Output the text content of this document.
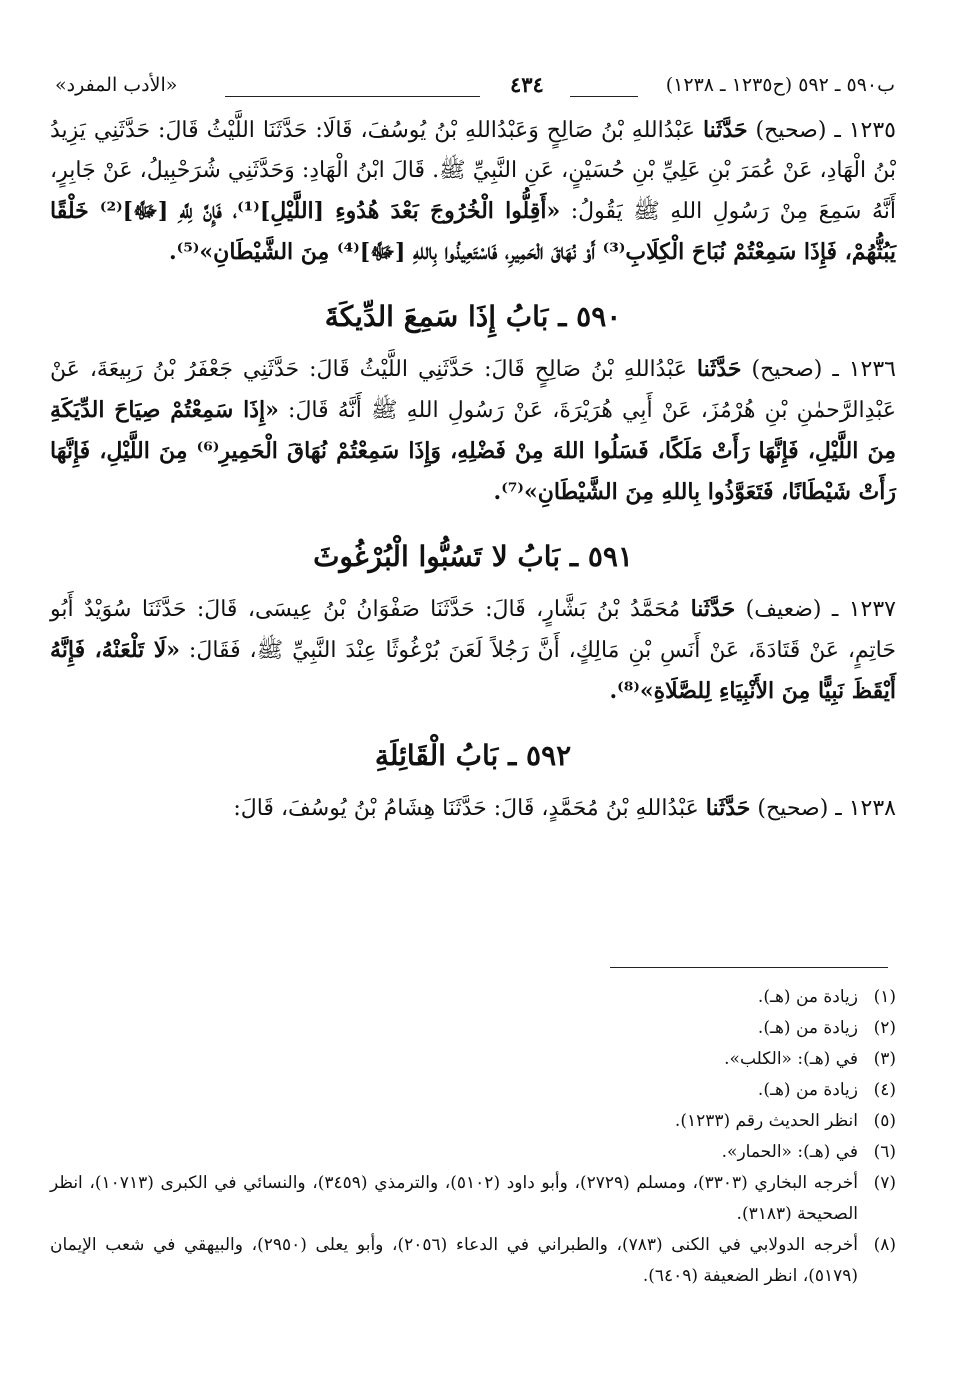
ب٥٩٠ ـ ٥٩٢ (ح١٢٣٥ ـ ١٢٣٨)
٤٣٤
«الأدب المفرد»

١٢٣٥ ـ (صحيح) حَدَّثَنا عَبْدُاللهِ بْنُ صَالِحٍ وَعَبْدُاللهِ بْنُ يُوسُفَ، قَالَا: حَدَّثَنَا اللَّيْثُ قَالَ: حَدَّثَنِي يَزِيدُ بْنُ الْهَادِ، عَنْ عُمَرَ بْنِ عَلِيِّ بْنِ حُسَيْنٍ، عَنِ النَّبِيِّ ﷺ. قَالَ ابْنُ الْهَادِ: وَحَدَّثَنِي شُرَحْبِيلُ، عَنْ جَابِرٍ، أَنَّهُ سَمِعَ مِنْ رَسُولِ اللهِ ﷺ يَقُولُ: «أَقِلُّوا الْخُرُوجَ بَعْدَ هُدُوءِ [اللَّيْلِ]⁽¹⁾، فَإِنَّ لِلَّهِ [ﷻ]⁽²⁾ خَلْقًا يَبُثُّهُمْ، فَإِذَا سَمِعْتُمْ نُبَاحَ الْكِلَابِ⁽³⁾ أَوْ نُهَاقَ الْحَمِيرِ، فَاسْتَعِيذُوا بِاللهِ [ﷻ]⁽⁴⁾ مِنَ الشَّيْطَانِ»⁽⁵⁾.

٥٩٠ ـ بَابُ إِذَا سَمِعَ الدِّيكَةَ

١٢٣٦ ـ (صحيح) حَدَّثَنا عَبْدُاللهِ بْنُ صَالِحٍ قَالَ: حَدَّثَنِي اللَّيْثُ قَالَ: حَدَّثَنِي جَعْفَرُ بْنُ رَبِيعَةَ، عَنْ عَبْدِالرَّحمٰنِ بْنِ هُرْمُزَ، عَنْ أَبِي هُرَيْرَةَ، عَنْ رَسُولِ اللهِ ﷺ أَنَّهُ قَالَ: «إِذَا سَمِعْتُمْ صِيَاحَ الدِّيَكَةِ مِنَ اللَّيْلِ، فَإِنَّهَا رَأَتْ مَلَكًا، فَسَلُوا اللهَ مِنْ فَضْلِهِ، وَإِذَا سَمِعْتُمْ نُهَاقَ الْحَمِيرِ⁽⁶⁾ مِنَ اللَّيْلِ، فَإِنَّهَا رَأَتْ شَيْطَانًا، فَتَعَوَّذُوا بِاللهِ مِنَ الشَّيْطَانِ»⁽⁷⁾.

٥٩١ ـ بَابُ لا تَسُبُّوا الْبُرْغُوثَ

١٢٣٧ ـ (ضعيف) حَدَّثَنا مُحَمَّدُ بْنُ بَشَّارٍ، قَالَ: حَدَّثَنَا صَفْوَانُ بْنُ عِيسَى، قَالَ: حَدَّثَنَا سُوَيْدٌ أَبُو حَاتِمٍ، عَنْ قَتَادَةَ، عَنْ أَنَسِ بْنِ مَالِكٍ، أَنَّ رَجُلاً لَعَنَ بُرْغُوثًا عِنْدَ النَّبِيِّ ﷺ، فَقَالَ: «لَا تَلْعَنْهُ، فَإِنَّهُ أَيْقَظَ نَبِيًّا مِنَ الأَنْبِيَاءِ لِلصَّلَاةِ»⁽⁸⁾.

٥٩٢ ـ بَابُ الْقَائِلَةِ

١٢٣٨ ـ (صحيح) حَدَّثَنا عَبْدُاللهِ بْنُ مُحَمَّدٍ، قَالَ: حَدَّثَنَا هِشَامُ بْنُ يُوسُفَ، قَالَ:

(١)
زيادة من (هـ).
(٢)
زيادة من (هـ).
(٣)
في (هـ): «الكلب».
(٤)
زيادة من (هـ).
(٥)
انظر الحديث رقم (١٢٣٣).
(٦)
في (هـ): «الحمار».
(٧)
أخرجه البخاري (٣٣٠٣)، ومسلم (٢٧٢٩)، وأبو داود (٥١٠٢)، والترمذي (٣٤٥٩)، والنسائي في الكبرى (١٠٧١٣)، انظر الصحيحة (٣١٨٣).
(٨)
أخرجه الدولابي في الكنى (٧٨٣)، والطبراني في الدعاء (٢٠٥٦)، وأبو يعلى (٢٩٥٠)، والبيهقي في شعب الإيمان (٥١٧٩)، انظر الضعيفة (٦٤٠٩).
